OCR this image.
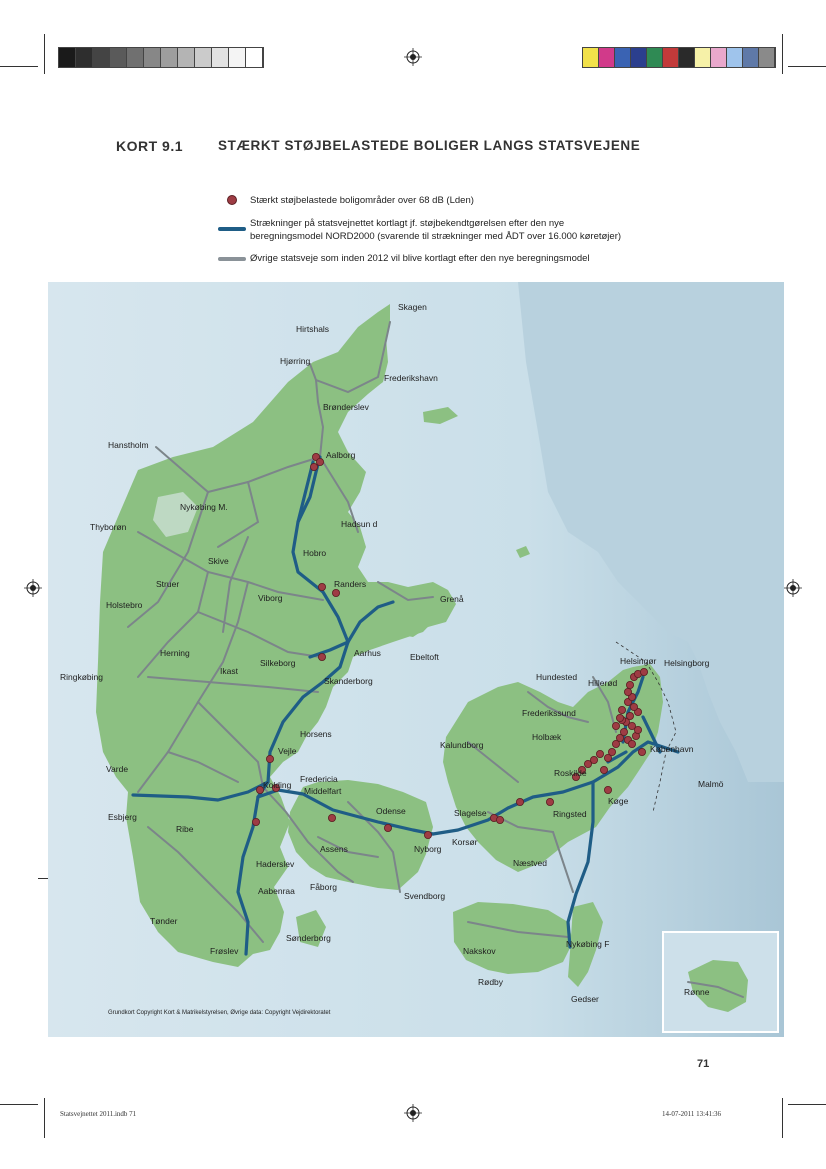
KORT 9.1	STÆRKT STØJBELASTEDE BOLIGER LANGS STATSVEJENE
Stærkt støjbelastede boligområder over 68 dB (Lden)
Strækninger på statsvejnettet kortlagt jf. støjbekendtgørelsen efter den nye
beregningsmodel NORD2000 (svarende til strækninger med ÅDT over 16.000 køretøjer)
Øvrige statsveje som inden 2012 vil blive kortlagt efter den nye beregningsmodel
Skagen
Hirtshals
Hjørring
Frederikshavn
Brønderslev
Aalborg
Hanstholm
Nykøbing M.
Thyborøn	Hadsun d
Hobro
Skive
Struer	Randers
Grenå
Holstebro
Viborg
Herning
Silkeborg
Aarhus	Ebeltoft
Ringkøbing
Ikast
Skanderborg
Horsens
Vejle
Varde
Fredericia
Middelfart
Kolding
Esbjerg
Ribe
Odense
Assens	Nyborg
Haderslev
Aabenraa Fåborg
Svendborg
Tønder
Sønderborg
Frøslev
Helsingør Helsingborg
Hundested
Hillerød
Frederikssund
Holbæk
Kalundborg
Roskilde
København
Malmö
Køge
Slagelse	Ringsted
Korsør
Næstved
Nakskov
Nykøbing F
Rødby
Gedser
Rønne
Grundkort Copyright Kort & Matrikelstyrelsen, Øvrige data: Copyright Vejdirektoratet
71
Statsvejnettet 2011.indb 71	14-07-2011 13:41:36
